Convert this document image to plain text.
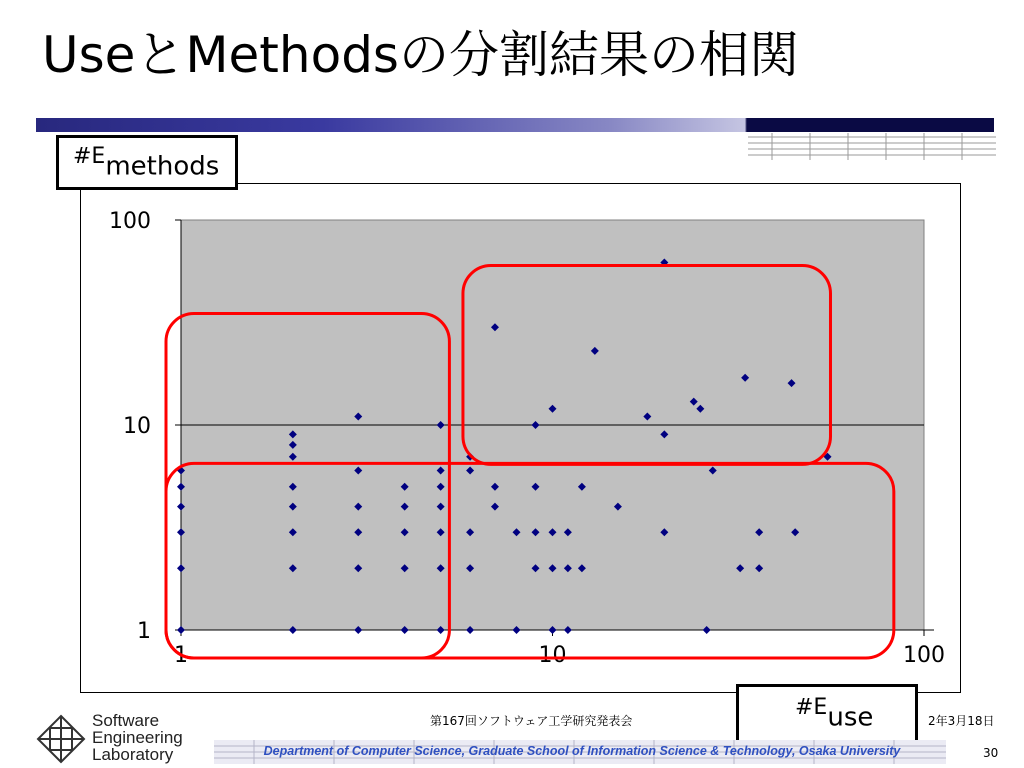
UseとMethodsの分割結果の相関
100
10
1
1	10	100
#Emethods
#Euse
第167回ソフトウェア工学研究発表会	2年3月18日
Department of Computer Science, Graduate School of Information Science & Technology, Osaka University	30
Software
Engineering
Laboratory
